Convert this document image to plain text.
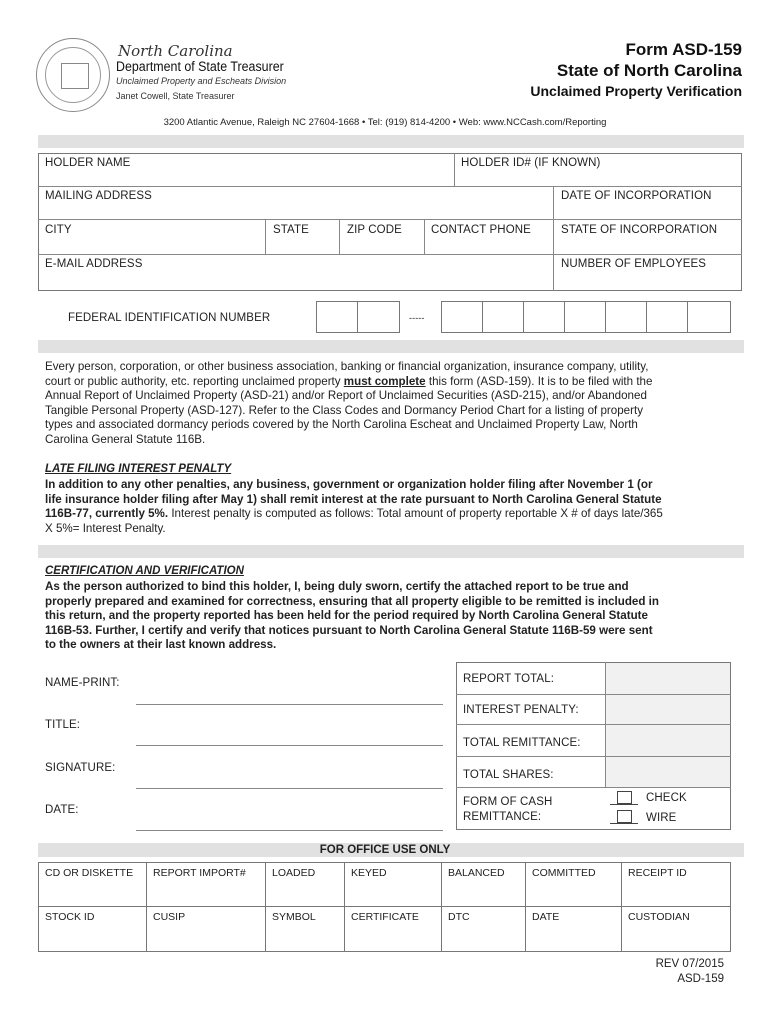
North Carolina
Department of State Treasurer
Unclaimed Property and Escheats Division
Janet Cowell, State Treasurer
Form ASD-159
State of North Carolina
Unclaimed Property Verification
3200 Atlantic Avenue, Raleigh NC 27604-1668 • Tel: (919) 814-4200 • Web: www.NCCash.com/Reporting
HOLDER NAME	HOLDER ID# (IF KNOWN)
MAILING ADDRESS	DATE OF INCORPORATION
CITY	STATE	ZIP CODE	CONTACT PHONE	STATE OF INCORPORATION
E-MAIL ADDRESS	NUMBER OF EMPLOYEES
FEDERAL IDENTIFICATION NUMBER	-----
Every person, corporation, or other business association, banking or financial organization, insurance company, utility,
court or public authority, etc. reporting unclaimed property must complete this form (ASD-159). It is to be filed with the
Annual Report of Unclaimed Property (ASD-21) and/or Report of Unclaimed Securities (ASD-215), and/or Abandoned
Tangible Personal Property (ASD-127). Refer to the Class Codes and Dormancy Period Chart for a listing of property
types and associated dormancy periods covered by the North Carolina Escheat and Unclaimed Property Law, North
Carolina General Statute 116B.
LATE FILING INTEREST PENALTY
In addition to any other penalties, any business, government or organization holder filing after November 1 (or
life insurance holder filing after May 1) shall remit interest at the rate pursuant to North Carolina General Statute
116B-77, currently 5%. Interest penalty is computed as follows: Total amount of property reportable X # of days late/365
X 5%= Interest Penalty.
CERTIFICATION AND VERIFICATION
As the person authorized to bind this holder, I, being duly sworn, certify the attached report to be true and
properly prepared and examined for correctness, ensuring that all property eligible to be remitted is included in
this return, and the property reported has been held for the period required by North Carolina General Statute
116B-53. Further, I certify and verify that notices pursuant to North Carolina General Statute 116B-59 were sent
to the owners at their last known address.
NAME-PRINT:
TITLE:
SIGNATURE:
DATE:
REPORT TOTAL:
INTEREST PENALTY:
TOTAL REMITTANCE:
TOTAL SHARES:
FORM OF CASH
REMITTANCE:
CHECK
WIRE
FOR OFFICE USE ONLY
CD OR DISKETTE	REPORT IMPORT#	LOADED	KEYED	BALANCED	COMMITTED	RECEIPT ID
STOCK ID	CUSIP	SYMBOL	CERTIFICATE	DTC	DATE	CUSTODIAN
REV 07/2015
ASD-159
